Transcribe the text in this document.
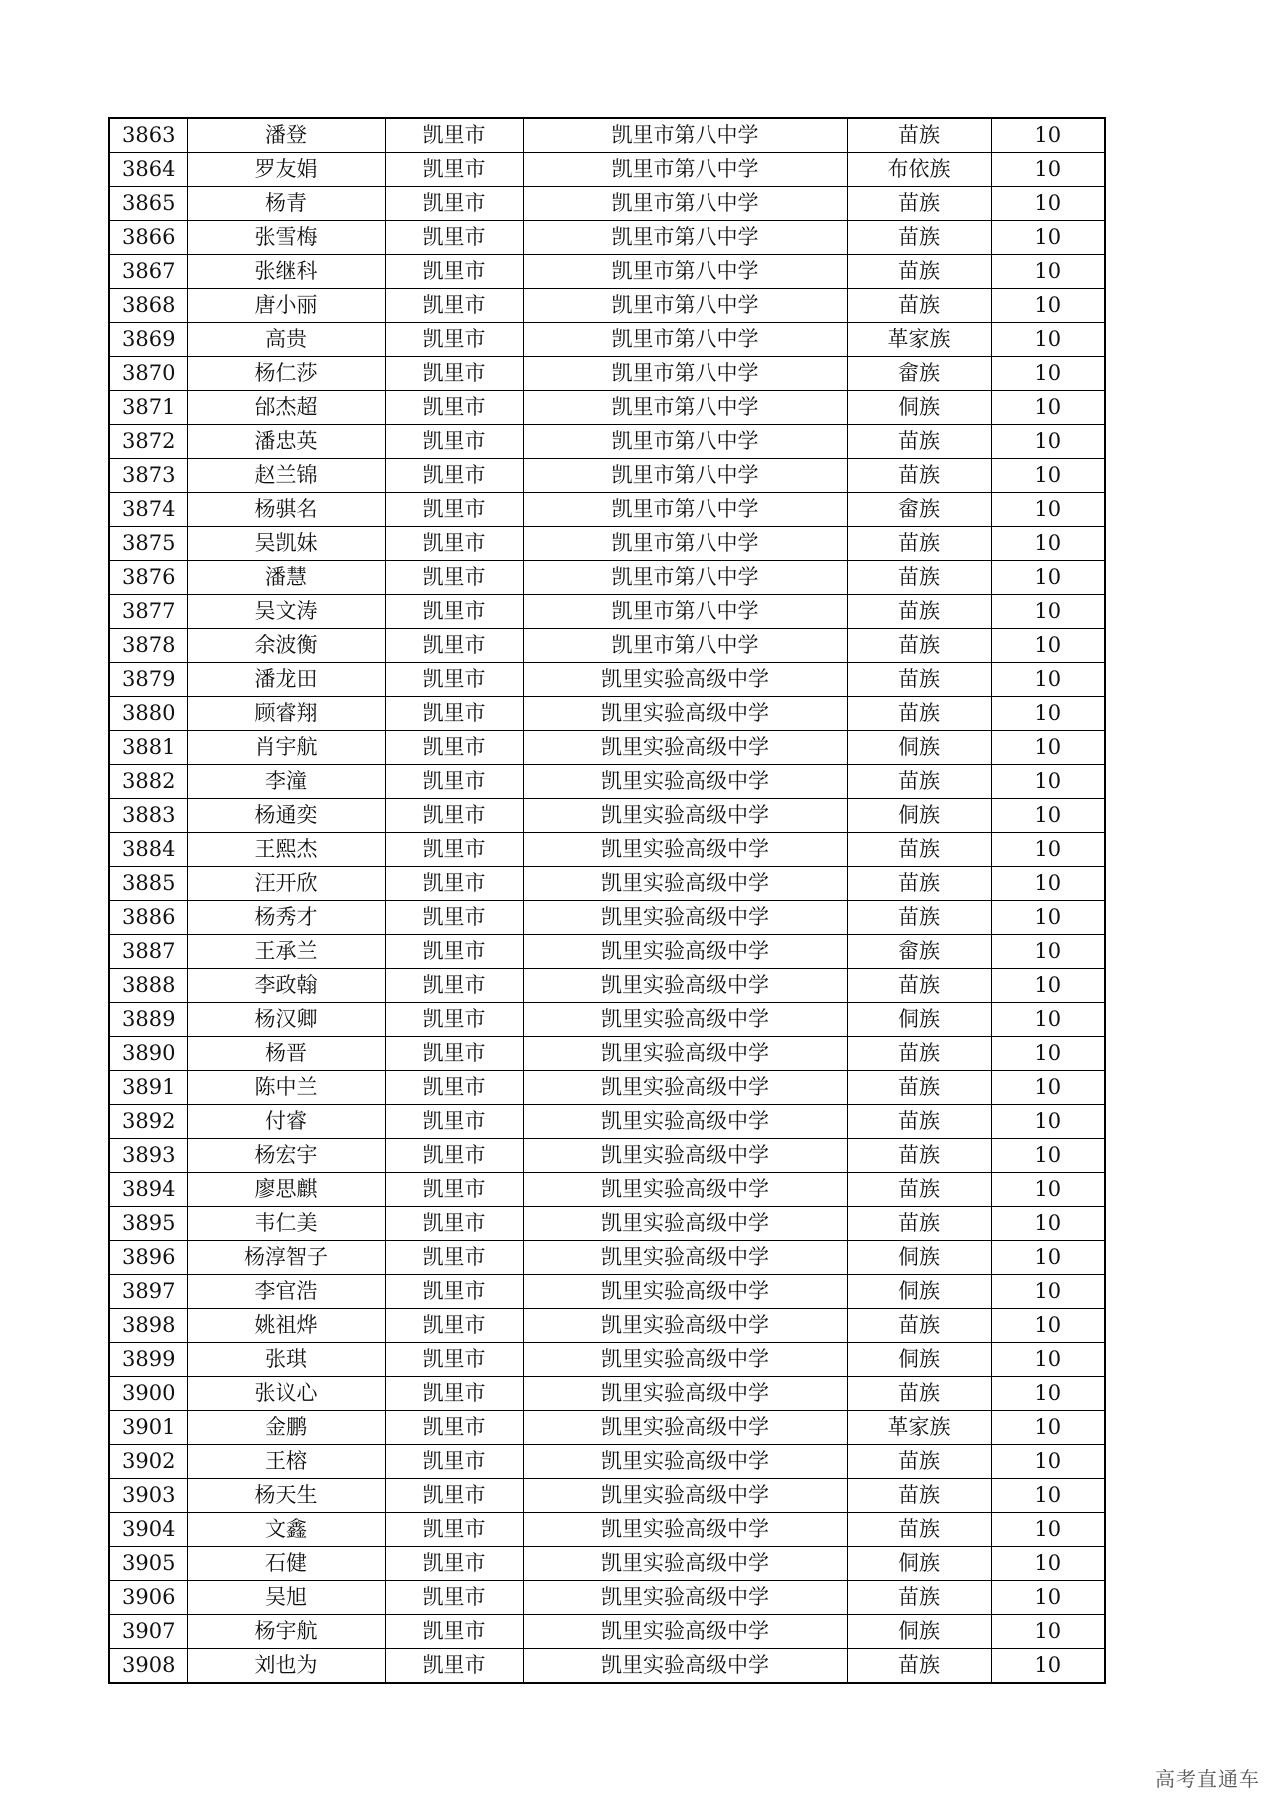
3863	潘登	凯里市	凯里市第八中学	苗族	10
3864	罗友娟	凯里市	凯里市第八中学	布依族	10
3865	杨青	凯里市	凯里市第八中学	苗族	10
3866	张雪梅	凯里市	凯里市第八中学	苗族	10
3867	张继科	凯里市	凯里市第八中学	苗族	10
3868	唐小丽	凯里市	凯里市第八中学	苗族	10
3869	高贵	凯里市	凯里市第八中学	革家族	10
3870	杨仁莎	凯里市	凯里市第八中学	畲族	10
3871	邰杰超	凯里市	凯里市第八中学	侗族	10
3872	潘忠英	凯里市	凯里市第八中学	苗族	10
3873	赵兰锦	凯里市	凯里市第八中学	苗族	10
3874	杨骐名	凯里市	凯里市第八中学	畲族	10
3875	吴凯妹	凯里市	凯里市第八中学	苗族	10
3876	潘慧	凯里市	凯里市第八中学	苗族	10
3877	吴文涛	凯里市	凯里市第八中学	苗族	10
3878	余波衡	凯里市	凯里市第八中学	苗族	10
3879	潘龙田	凯里市	凯里实验高级中学	苗族	10
3880	顾睿翔	凯里市	凯里实验高级中学	苗族	10
3881	肖宇航	凯里市	凯里实验高级中学	侗族	10
3882	李潼	凯里市	凯里实验高级中学	苗族	10
3883	杨通奕	凯里市	凯里实验高级中学	侗族	10
3884	王熙杰	凯里市	凯里实验高级中学	苗族	10
3885	汪开欣	凯里市	凯里实验高级中学	苗族	10
3886	杨秀才	凯里市	凯里实验高级中学	苗族	10
3887	王承兰	凯里市	凯里实验高级中学	畲族	10
3888	李政翰	凯里市	凯里实验高级中学	苗族	10
3889	杨汉卿	凯里市	凯里实验高级中学	侗族	10
3890	杨晋	凯里市	凯里实验高级中学	苗族	10
3891	陈中兰	凯里市	凯里实验高级中学	苗族	10
3892	付睿	凯里市	凯里实验高级中学	苗族	10
3893	杨宏宇	凯里市	凯里实验高级中学	苗族	10
3894	廖思麒	凯里市	凯里实验高级中学	苗族	10
3895	韦仁美	凯里市	凯里实验高级中学	苗族	10
3896	杨淳智子	凯里市	凯里实验高级中学	侗族	10
3897	李官浩	凯里市	凯里实验高级中学	侗族	10
3898	姚祖烨	凯里市	凯里实验高级中学	苗族	10
3899	张琪	凯里市	凯里实验高级中学	侗族	10
3900	张议心	凯里市	凯里实验高级中学	苗族	10
3901	金鹏	凯里市	凯里实验高级中学	革家族	10
3902	王榕	凯里市	凯里实验高级中学	苗族	10
3903	杨天生	凯里市	凯里实验高级中学	苗族	10
3904	文鑫	凯里市	凯里实验高级中学	苗族	10
3905	石健	凯里市	凯里实验高级中学	侗族	10
3906	吴旭	凯里市	凯里实验高级中学	苗族	10
3907	杨宇航	凯里市	凯里实验高级中学	侗族	10
3908	刘也为	凯里市	凯里实验高级中学	苗族	10
高考直通车
